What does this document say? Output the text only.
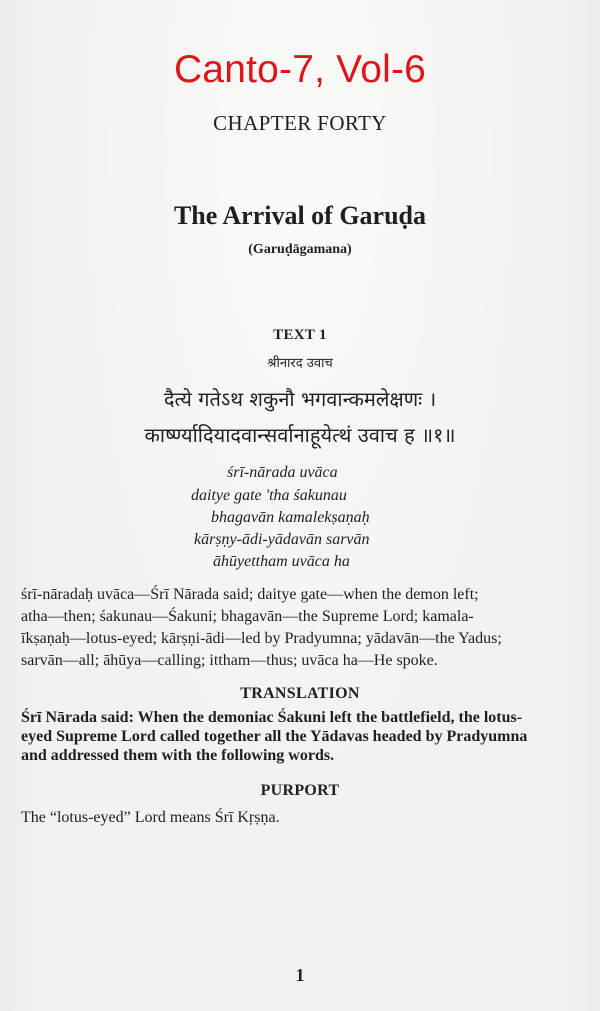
Canto-7, Vol-6
CHAPTER FORTY
The Arrival of Garuḍa
(Garuḍāgamana)
TEXT 1
श्रीनारद उवाच
दैत्ये गतेऽथ शकुनौ भगवान्कमलेक्षणः ।
कार्ष्ण्यादियादवान्सर्वानाहूयेत्थं उवाच ह ॥१॥
śrī-nārada uvāca
daitye gate 'tha śakunau
bhagavān kamalekṣaṇaḥ
kārṣṇy-ādi-yādavān sarvān
āhūyettham uvāca ha
śrī-nāradaḥ uvāca—Śrī Nārada said; daitye gate—when the demon left;
atha—then; śakunau—Śakuni; bhagavān—the Supreme Lord; kamala-
īkṣaṇaḥ—lotus-eyed; kārṣṇi-ādi—led by Pradyumna; yādavān—the Yadus;
sarvān—all; āhūya—calling; ittham—thus; uvāca ha—He spoke.
TRANSLATION
Śrī Nārada said: When the demoniac Śakuni left the battlefield, the lotus-
eyed Supreme Lord called together all the Yādavas headed by Pradyumna
and addressed them with the following words.
PURPORT
The “lotus-eyed” Lord means Śrī Kṛṣṇa.
1
